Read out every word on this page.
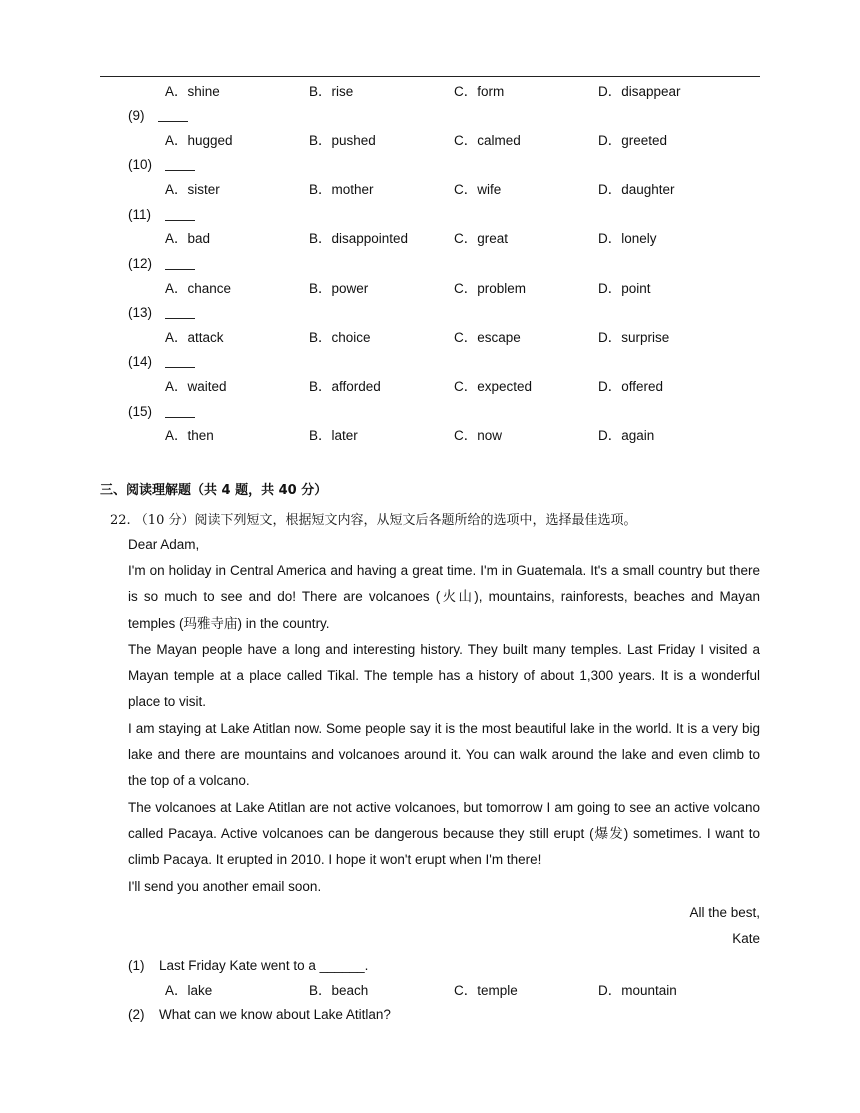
A．shine	B．rise	C．form	D．disappear
(9)
A．hugged	B．pushed	C．calmed	D．greeted
(10)
A．sister	B．mother	C．wife	D．daughter
(11)
A．bad	B．disappointed	C．great	D．lonely
(12)
A．chance	B．power	C．problem	D．point
(13)
A．attack	B．choice	C．escape	D．surprise
(14)
A．waited	B．afforded	C．expected	D．offered
(15)
A．then	B．later	C．now	D．again
三、阅读理解题（共 4 题，共 40 分）
22. （10 分）阅读下列短文，根据短文内容，从短文后各题所给的选项中，选择最佳选项。
Dear Adam,
I'm on holiday in Central America and having a great time. I'm in Guatemala. It's a small country but there is so much to see and do! There are volcanoes (火山), mountains, rainforests, beaches and Mayan temples (玛雅寺庙) in the country.
The Mayan people have a long and interesting history. They built many temples. Last Friday I visited a Mayan temple at a place called Tikal. The temple has a history of about 1,300 years. It is a wonderful place to visit.
I am staying at Lake Atitlan now. Some people say it is the most beautiful lake in the world. It is a very big lake and there are mountains and volcanoes around it. You can walk around the lake and even climb to the top of a volcano.
The volcanoes at Lake Atitlan are not active volcanoes, but tomorrow I am going to see an active volcano called Pacaya. Active volcanoes can be dangerous because they still erupt (爆发) sometimes. I want to climb Pacaya. It erupted in 2010. I hope it won't erupt when I'm there!
I'll send you another email soon.
All the best,
Kate
(1) Last Friday Kate went to a ______.
A．lake	B．beach	C．temple	D．mountain
(2) What can we know about Lake Atitlan?
